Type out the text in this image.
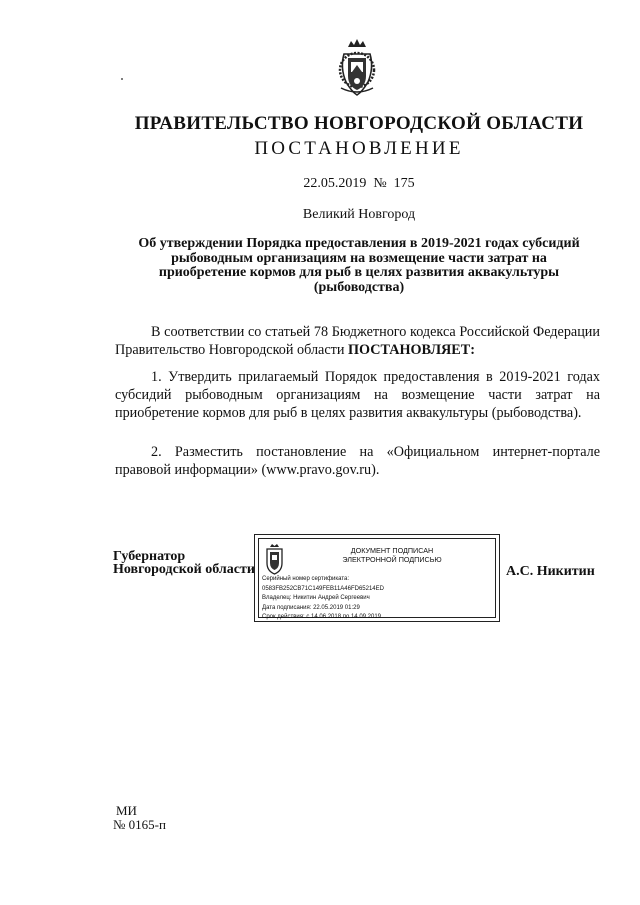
ПРАВИТЕЛЬСТВО НОВГОРОДСКОЙ ОБЛАСТИ
ПОСТАНОВЛЕНИЕ
22.05.2019 № 175
Великий Новгород
Об утверждении Порядка предоставления в 2019-2021 годах субсидий
рыбоводным организациям на возмещение части затрат на
приобретение кормов для рыб в целях развития аквакультуры
(рыбоводства)
В соответствии со статьей 78 Бюджетного кодекса Российской Федерации Правительство Новгородской области ПОСТАНОВЛЯЕТ:
1. Утвердить прилагаемый Порядок предоставления в 2019-2021 годах субсидий рыбоводным организациям на возмещение части затрат на приобретение кормов для рыб в целях развития аквакультуры (рыбоводства).
2. Разместить постановление на «Официальном интернет-портале правовой информации» (www.pravo.gov.ru).
Губернатор
Новгородской области
ДОКУМЕНТ ПОДПИСАН
ЭЛЕКТРОННОЙ ПОДПИСЬЮ
Серийный номер сертификата:
0583FB252CB71C149FEB11A46FD65214ED
Владелец: Никитин Андрей Сергеевич
Дата подписания: 22.05.2019 01:29
Срок действия: с 14.06.2018 по 14.09.2019
А.С. Никитин
МИ
№ 0165-п
